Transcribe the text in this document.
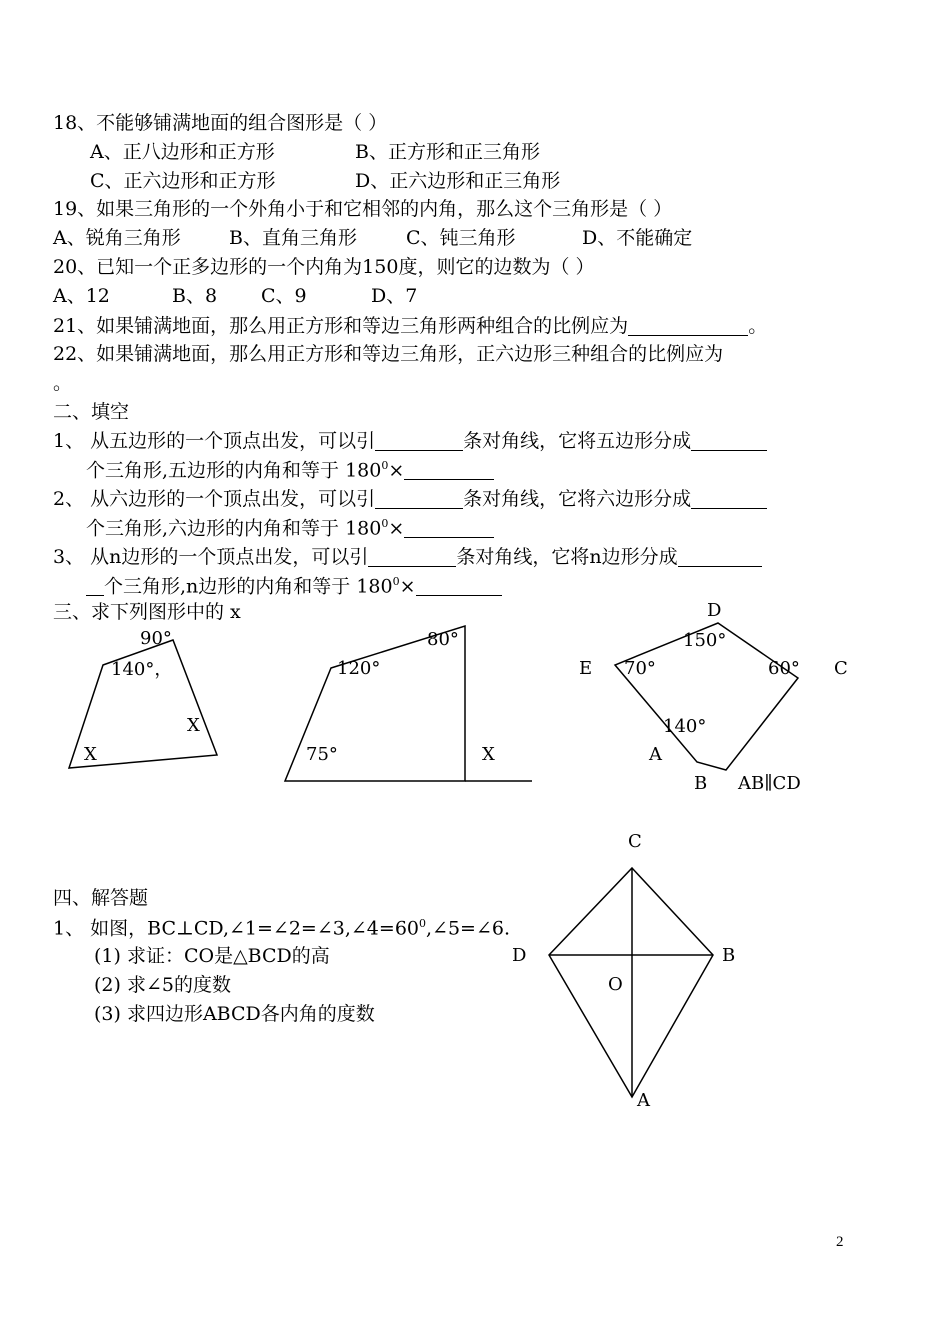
18、不能够铺满地面的组合图形是（ ）
A、正八边形和正方形	B、正方形和正三角形
C、正六边形和正方形	D、正六边形和正三角形
19、如果三角形的一个外角小于和它相邻的内角，那么这个三角形是（ ）
A、锐角三角形	B、直角三角形	C、钝三角形	D、不能确定
20、已知一个正多边形的一个内角为150度，则它的边数为（ ）
A、12	B、8 C、9	D、7
21、如果铺满地面，那么用正方形和等边三角形两种组合的比例应为	。
22、如果铺满地面，那么用正方形和等边三角形，正六边形三种组合的比例应为
。
二、填空
1、 从五边形的一个顶点出发，可以引	条对角线，它将五边形分成
个三角形,五边形的内角和等于 $180^0\times$
2、 从六边形的一个顶点出发，可以引	条对角线，它将六边形分成
个三角形,六边形的内角和等于 $180^0\times$
3、 从n边形的一个顶点出发，可以引	条对角线，它将n边形分成
个三角形,n边形的内角和等于 $180^0\times$
三、求下列图形中的 x
90°
140°，
X
X
80°
120°
75°	X
D
150°
E 70°	60° C
140°
A
B AB∥CD
四、解答题
1、 如图，$BC\perp CD,\angle 1=\angle 2=\angle 3,\angle 4=60^0,\angle 5=\angle 6$.
(1) 求证：CO是△BCD的高
(2) 求∠5的度数
(3) 求四边形ABCD各内角的度数
C
D	B
O
A
2
